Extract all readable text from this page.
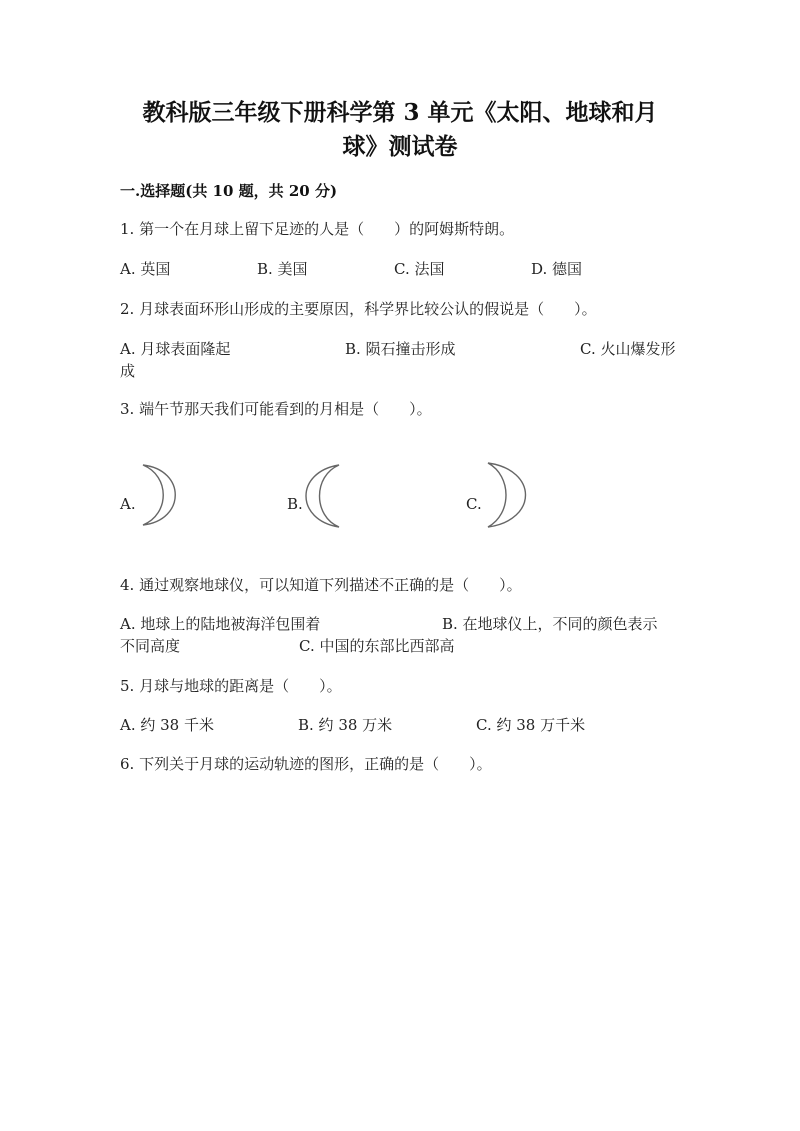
教科版三年级下册科学第 3 单元《太阳、地球和月
球》测试卷
一.选择题(共 10 题，共 20 分)
1. 第一个在月球上留下足迹的人是（　　）的阿姆斯特朗。
A. 英国	B. 美国	C. 法国	D. 德国
2. 月球表面环形山形成的主要原因，科学界比较公认的假说是（　　）。
A. 月球表面隆起	B. 陨石撞击形成	C. 火山爆发形
成
3. 端午节那天我们可能看到的月相是（　　）。
A.	B.	C.
4. 通过观察地球仪，可以知道下列描述不正确的是（　　）。
A. 地球上的陆地被海洋包围着	B. 在地球仪上，不同的颜色表示
不同高度	C. 中国的东部比西部高
5. 月球与地球的距离是（　　）。
A. 约 38 千米	B. 约 38 万米	C. 约 38 万千米
6. 下列关于月球的运动轨迹的图形，正确的是（　　）。
